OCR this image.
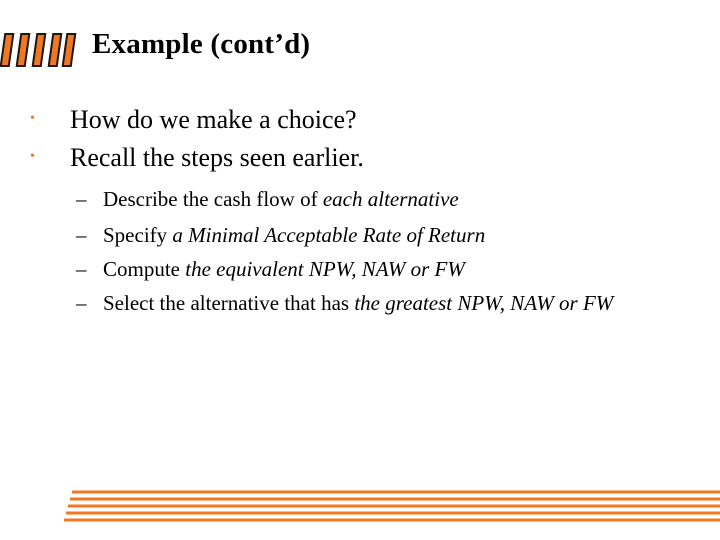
Example (cont’d)
• How do we make a choice?
• Recall the steps seen earlier.
– Describe the cash flow of each alternative
– Specify a Minimal Acceptable Rate of Return
– Compute the equivalent NPW, NAW or FW
– Select the alternative that has the greatest NPW, NAW or FW
